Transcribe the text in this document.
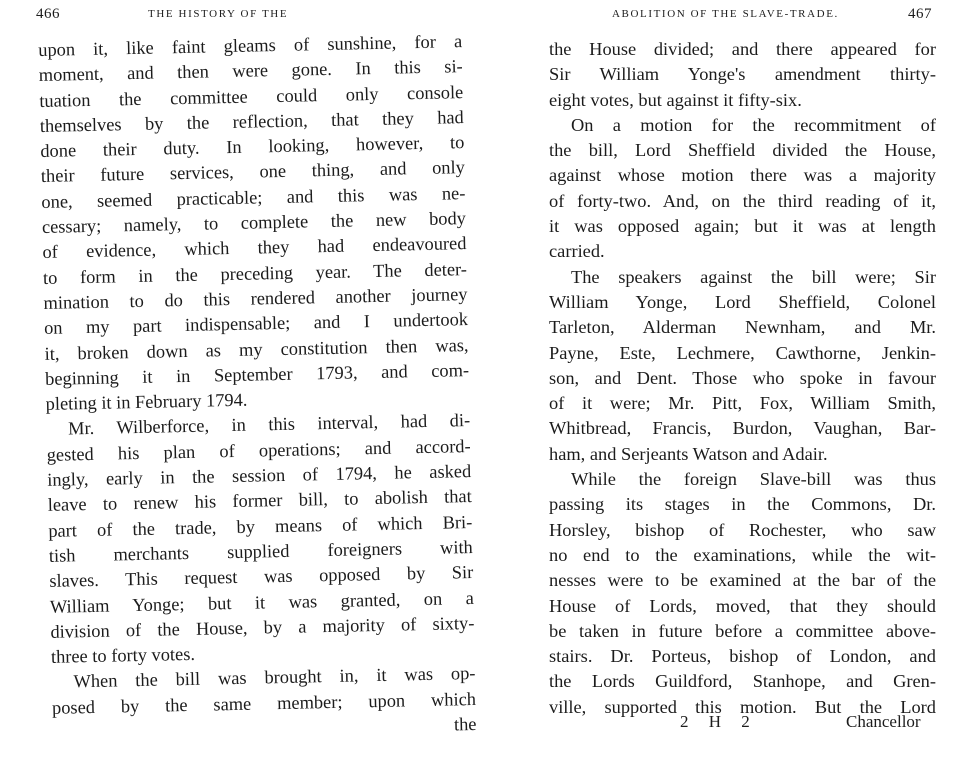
466	THE HISTORY OF THE
upon it, like faint gleams of sunshine, for a
moment, and then were gone. In this si-
tuation the committee could only console
themselves by the reflection, that they had
done their duty. In looking, however, to
their future services, one thing, and only
one, seemed practicable; and this was ne-
cessary; namely, to complete the new body
of evidence, which they had endeavoured
to form in the preceding year. The deter-
mination to do this rendered another journey
on my part indispensable; and I undertook
it, broken down as my constitution then was,
beginning it in September 1793, and com-
pleting it in February 1794.
Mr. Wilberforce, in this interval, had di-
gested his plan of operations; and accord-
ingly, early in the session of 1794, he asked
leave to renew his former bill, to abolish that
part of the trade, by means of which Bri-
tish merchants supplied foreigners with
slaves. This request was opposed by Sir
William Yonge; but it was granted, on a
division of the House, by a majority of sixty-
three to forty votes.
When the bill was brought in, it was op-
posed by the same member; upon which
the
ABOLITION OF THE SLAVE-TRADE.	467
the House divided; and there appeared for
Sir William Yonge's amendment thirty-
eight votes, but against it fifty-six.
On a motion for the recommitment of
the bill, Lord Sheffield divided the House,
against whose motion there was a majority
of forty-two. And, on the third reading of it,
it was opposed again; but it was at length
carried.
The speakers against the bill were; Sir
William Yonge, Lord Sheffield, Colonel
Tarleton, Alderman Newnham, and Mr.
Payne, Este, Lechmere, Cawthorne, Jenkin-
son, and Dent. Those who spoke in favour
of it were; Mr. Pitt, Fox, William Smith,
Whitbread, Francis, Burdon, Vaughan, Bar-
ham, and Serjeants Watson and Adair.
While the foreign Slave-bill was thus
passing its stages in the Commons, Dr.
Horsley, bishop of Rochester, who saw
no end to the examinations, while the wit-
nesses were to be examined at the bar of the
House of Lords, moved, that they should
be taken in future before a committee above-
stairs. Dr. Porteus, bishop of London, and
the Lords Guildford, Stanhope, and Gren-
ville, supported this motion. But the Lord
2 H 2	Chancellor
